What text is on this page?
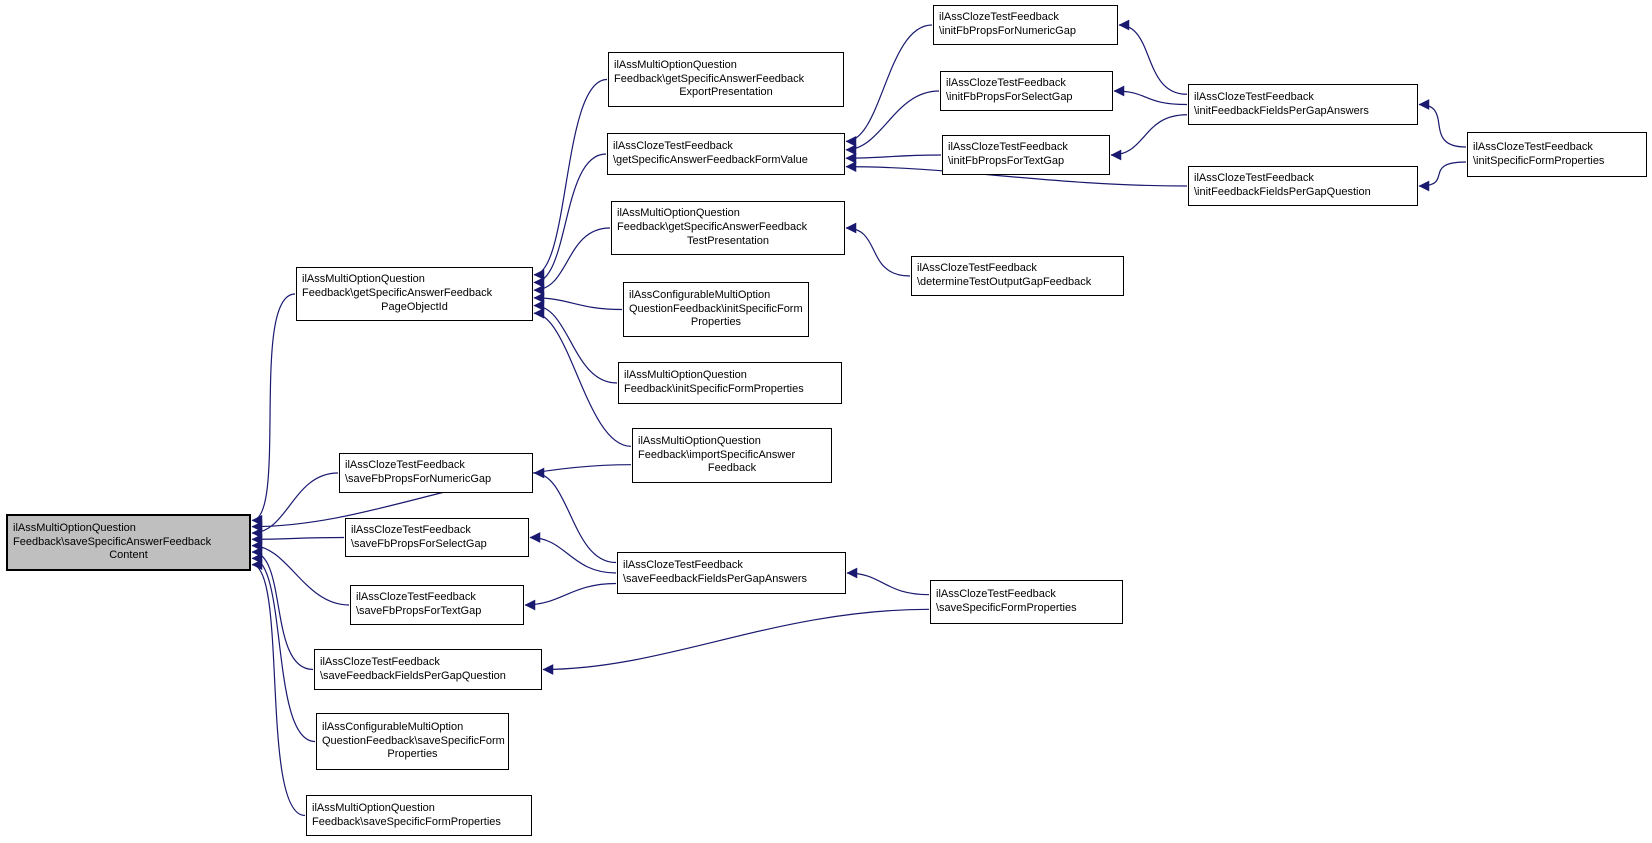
ilAssMultiOptionQuestion
Feedback\saveSpecificAnswerFeedback
Content
ilAssMultiOptionQuestion
Feedback\getSpecificAnswerFeedback
PageObjectId
ilAssMultiOptionQuestion
Feedback\getSpecificAnswerFeedback
ExportPresentation
ilAssClozeTestFeedback
\getSpecificAnswerFeedbackFormValue
ilAssMultiOptionQuestion
Feedback\getSpecificAnswerFeedback
TestPresentation
ilAssConfigurableMultiOption
QuestionFeedback\initSpecificForm
Properties
ilAssMultiOptionQuestion
Feedback\initSpecificFormProperties
ilAssMultiOptionQuestion
Feedback\importSpecificAnswer
Feedback
ilAssClozeTestFeedback
\initFbPropsForNumericGap
ilAssClozeTestFeedback
\initFbPropsForSelectGap
ilAssClozeTestFeedback
\initFbPropsForTextGap
ilAssClozeTestFeedback
\determineTestOutputGapFeedback
ilAssClozeTestFeedback
\initFeedbackFieldsPerGapAnswers
ilAssClozeTestFeedback
\initFeedbackFieldsPerGapQuestion
ilAssClozeTestFeedback
\initSpecificFormProperties
ilAssClozeTestFeedback
\saveFbPropsForNumericGap
ilAssClozeTestFeedback
\saveFbPropsForSelectGap
ilAssClozeTestFeedback
\saveFbPropsForTextGap
ilAssClozeTestFeedback
\saveFeedbackFieldsPerGapQuestion
ilAssConfigurableMultiOption
QuestionFeedback\saveSpecificForm
Properties
ilAssMultiOptionQuestion
Feedback\saveSpecificFormProperties
ilAssClozeTestFeedback
\saveFeedbackFieldsPerGapAnswers
ilAssClozeTestFeedback
\saveSpecificFormProperties
